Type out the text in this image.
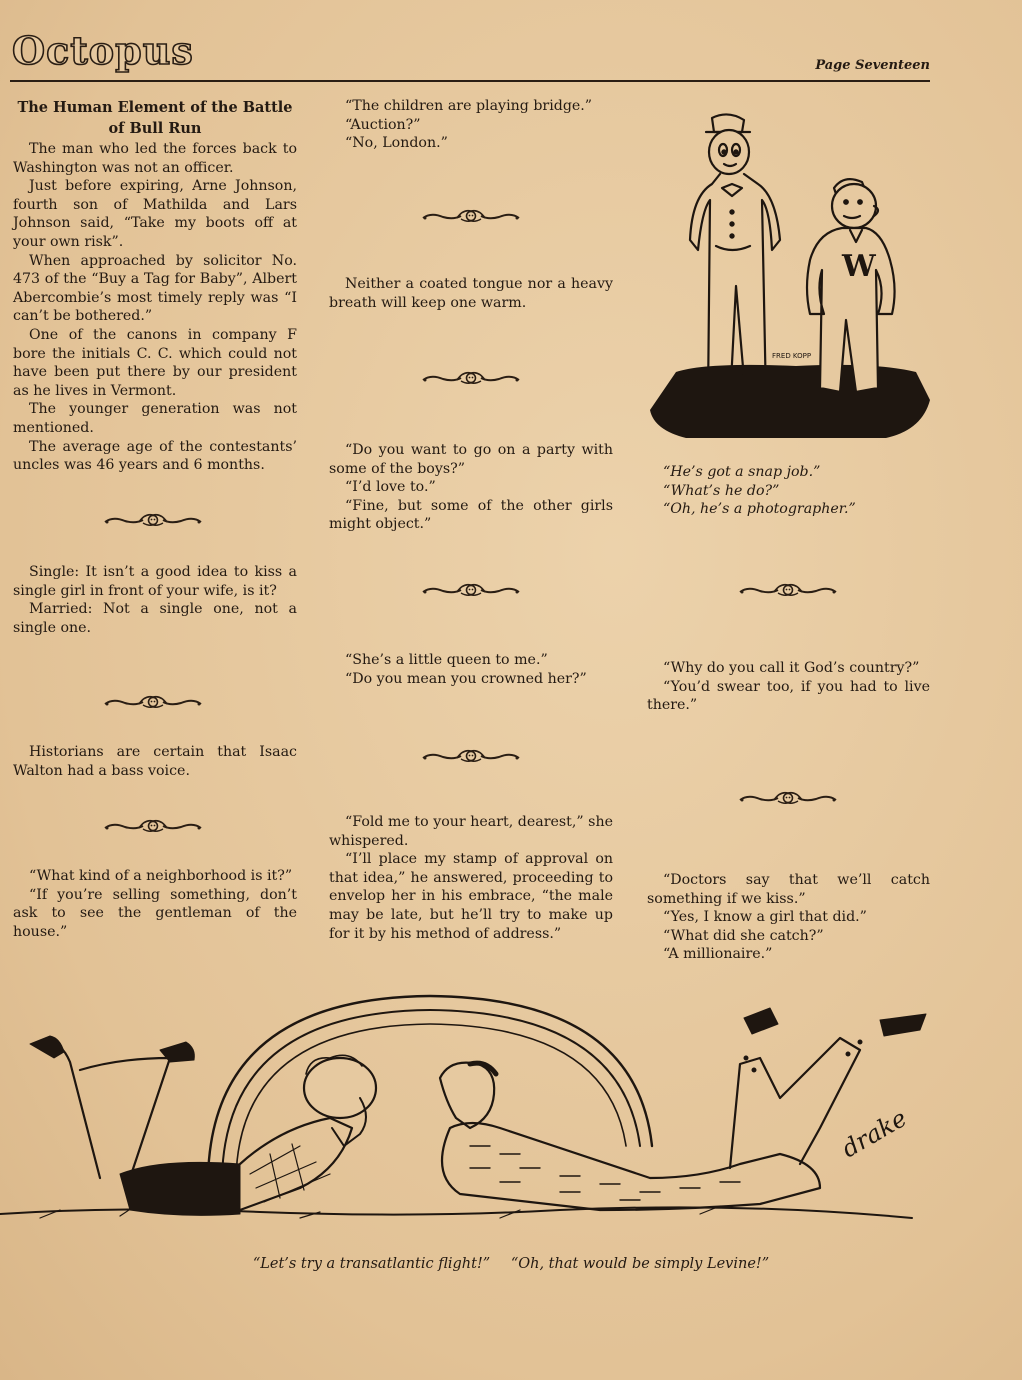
Octopus	Page Seventeen
The Human Element of the Battle of Bull Run

The man who led the forces back to Washington was not an officer.

Just before expiring, Arne Johnson, fourth son of Mathilda and Lars Johnson said, “Take my boots off at your own risk”.

When approached by solicitor No. 473 of the “Buy a Tag for Baby”, Albert Abercombie’s most timely reply was “I can’t be bothered.”

One of the canons in company F bore the initials C. C. which could not have been put there by our president as he lives in Vermont.

The younger generation was not mentioned.

The average age of the contestants’ uncles was 46 years and 6 months.

Single: It isn’t a good idea to kiss a single girl in front of your wife, is it?

Married: Not a single one, not a single one.

Historians are certain that Isaac Walton had a bass voice.

“What kind of a neighborhood is it?”

“If you’re selling something, don’t ask to see the gentleman of the house.”

“The children are playing bridge.”

“Auction?”

“No, London.”

Neither a coated tongue nor a heavy breath will keep one warm.

“Do you want to go on a party with some of the boys?”

“I’d love to.”

“Fine, but some of the other girls might object.”

“She’s a little queen to me.”

“Do you mean you crowned her?”

“Fold me to your heart, dearest,” she whispered.

“I’ll place my stamp of approval on that idea,” he answered, proceeding to envelop her in his embrace, “the male may be late, but he’ll try to make up for it by his method of address.”

W
FRED KOPP

“He’s got a snap job.”

“What’s he do?”

“Oh, he’s a photographer.”

“Why do you call it God’s country?”

“You’d swear too, if you had to live there.”

“Doctors say that we’ll catch something if we kiss.”

“Yes, I know a girl that did.”

“What did she catch?”

“A millionaire.”

drake
“Let’s try a transatlantic flight!” “Oh, that would be simply Levine!”
